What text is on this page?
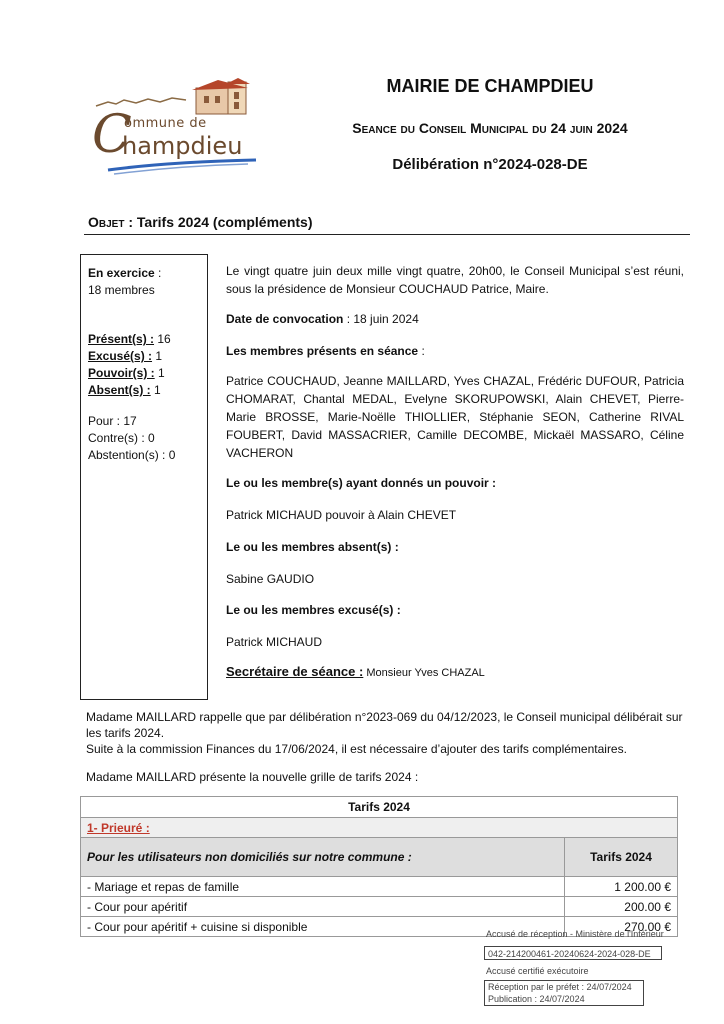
C
ommune de
hampdieu
MAIRIE DE CHAMPDIEU
Seance du Conseil Municipal du 24 juin 2024
Délibération n°2024-028-DE
Objet : Tarifs 2024 (compléments)
En exercice :
18 membres
Présent(s) : 16
Excusé(s) : 1
Pouvoir(s) : 1
Absent(s) : 1
Pour : 17
Contre(s) : 0
Abstention(s) : 0
Le vingt quatre juin deux mille vingt quatre, 20h00, le Conseil Municipal s’est réuni, sous la présidence de Monsieur COUCHAUD Patrice, Maire.
Date de convocation : 18 juin 2024
Les membres présents en séance :
Patrice COUCHAUD, Jeanne MAILLARD, Yves CHAZAL, Frédéric DUFOUR, Patricia CHOMARAT, Chantal MEDAL, Evelyne SKORUPOWSKI, Alain CHEVET, Pierre-Marie BROSSE, Marie-Noëlle THIOLLIER, Stéphanie SEON, Catherine RIVAL FOUBERT, David MASSACRIER, Camille DECOMBE, Mickaël MASSARO, Céline VACHERON
Le ou les membre(s) ayant donnés un pouvoir :
Patrick MICHAUD pouvoir à Alain CHEVET
Le ou les membres absent(s) :
Sabine GAUDIO
Le ou les membres excusé(s) :
Patrick MICHAUD
Secrétaire de séance : Monsieur Yves CHAZAL
Madame MAILLARD rappelle que par délibération n°2023-069 du 04/12/2023, le Conseil municipal délibérait sur les tarifs 2024.
Suite à la commission Finances du 17/06/2024, il est nécessaire d’ajouter des tarifs complémentaires.
Madame MAILLARD présente la nouvelle grille de tarifs 2024 :
Tarifs 2024	
1- Prieuré :	
Pour les utilisateurs non domiciliés sur notre commune :	Tarifs 2024
- Mariage et repas de famille	1 200.00 €
- Cour pour apéritif	200.00 €
- Cour pour apéritif + cuisine si disponible	270.00 €
Accusé de réception - Ministère de l'Intérieur
042-214200461-20240624-2024-028-DE
Accusé certifié exécutoire
Réception par le préfet : 24/07/2024
Publication : 24/07/2024
